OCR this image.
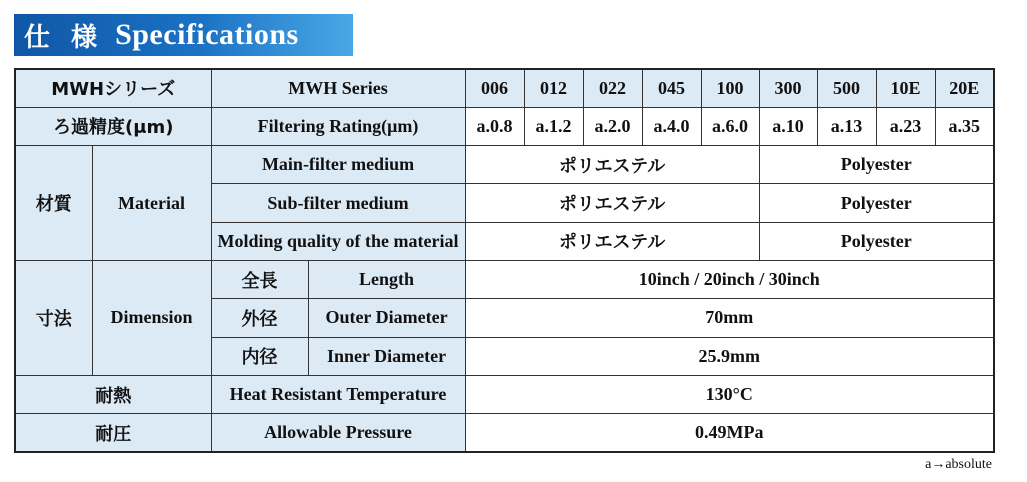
仕 様 Specifications
MWHシリーズ		MWH Series		006	012	022	045	100	300	500	10E	20E
ろ過精度(μm)		Filtering Rating(μm)		a.0.8	a.1.2	a.2.0	a.4.0	a.6.0	a.10	a.13	a.23	a.35
材質	Material	Main-filter medium		ポリエステル					Polyester			
		Sub-filter medium		ポリエステル					Polyester			
		Molding quality of the material		ポリエステル					Polyester			
寸法	Dimension	全長	Length	10inch / 20inch / 30inch								
		外径	Outer Diameter	70mm								
		内径	Inner Diameter	25.9mm								
耐熱		Heat Resistant Temperature		130°C								
耐圧		Allowable Pressure		0.49MPa								
a→absolute
